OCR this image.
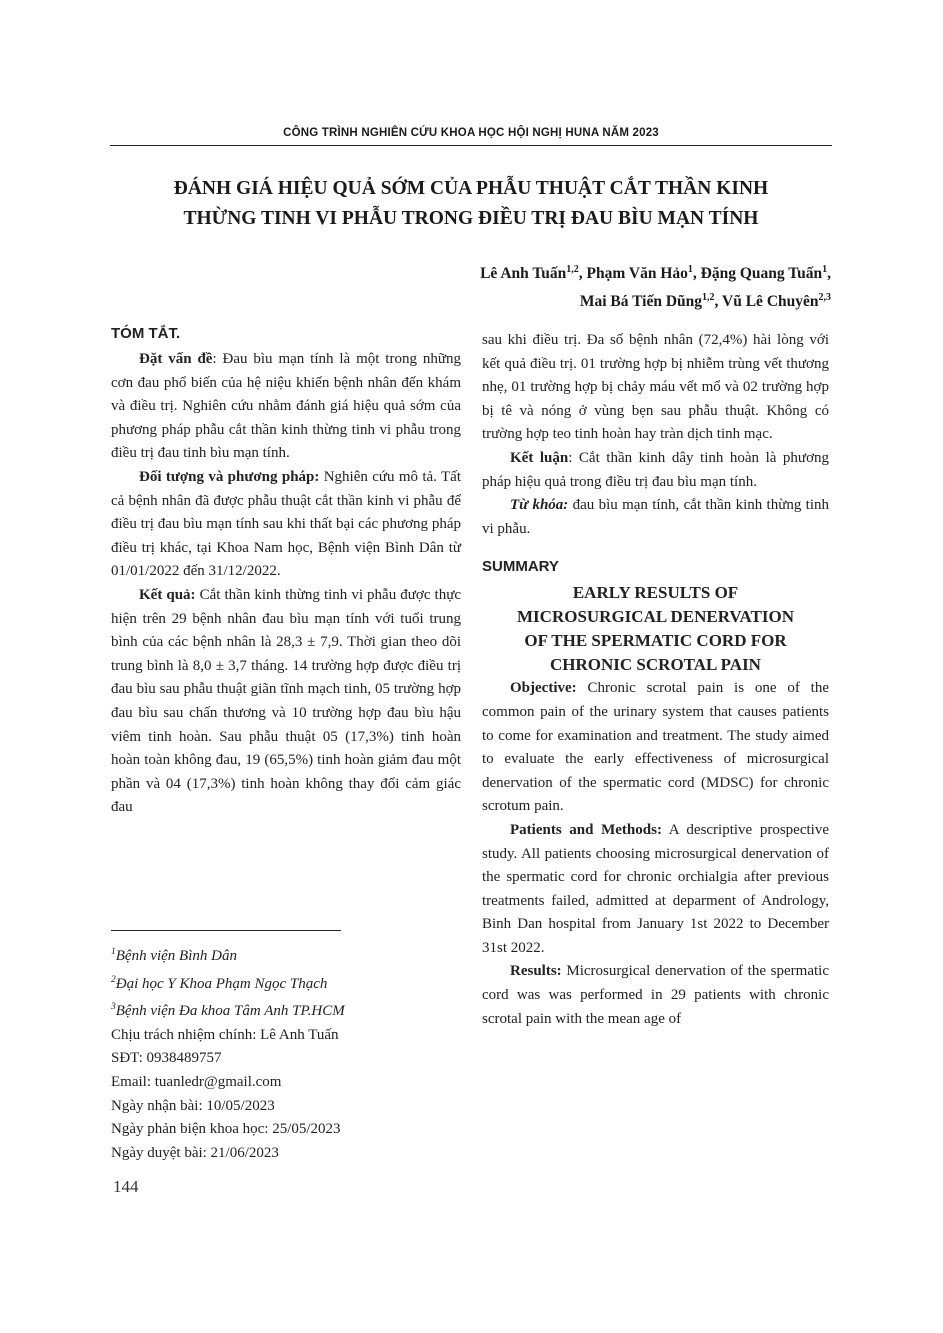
CÔNG TRÌNH NGHIÊN CỨU KHOA HỌC HỘI NGHỊ HUNA NĂM 2023
ĐÁNH GIÁ HIỆU QUẢ SỚM CỦA PHẪU THUẬT CẮT THẦN KINH
THỪNG TINH VI PHẪU TRONG ĐIỀU TRỊ ĐAU BÌU MẠN TÍNH
Lê Anh Tuấn$^{1,2}$, Phạm Văn Hảo$^1$, Đặng Quang Tuấn$^1$,
Mai Bá Tiến Dũng$^{1,2}$, Vũ Lê Chuyên$^{2,3}$
TÓM TẮT.

Đặt vấn đề: Đau bìu mạn tính là một trong những cơn đau phổ biến của hệ niệu khiến bệnh nhân đến khám và điều trị. Nghiên cứu nhằm đánh giá hiệu quả sớm của phương pháp phẫu cắt thần kinh thừng tinh vi phẫu trong điều trị đau tinh bìu mạn tính.

Đối tượng và phương pháp: Nghiên cứu mô tả. Tất cả bệnh nhân đã được phẫu thuật cắt thần kinh vi phẫu để điều trị đau bìu mạn tính sau khi thất bại các phương pháp điều trị khác, tại Khoa Nam học, Bệnh viện Bình Dân từ 01/01/2022 đến 31/12/2022.

Kết quả: Cắt thần kinh thừng tinh vi phẫu được thực hiện trên 29 bệnh nhân đau bìu mạn tính với tuổi trung bình của các bệnh nhân là 28,3 ± 7,9. Thời gian theo dõi trung bình là 8,0 ± 3,7 tháng. 14 trường hợp được điều trị đau bìu sau phẫu thuật giãn tĩnh mạch tinh, 05 trường hợp đau bìu sau chấn thương và 10 trường hợp đau bìu hậu viêm tinh hoàn. Sau phẫu thuật 05 (17,3%) tinh hoàn hoàn toàn không đau, 19 (65,5%) tinh hoàn giảm đau một phần và 04 (17,3%) tinh hoàn không thay đổi cảm giác đau

sau khi điều trị. Đa số bệnh nhân (72,4%) hài lòng với kết quả điều trị. 01 trường hợp bị nhiễm trùng vết thương nhẹ, 01 trường hợp bị chảy máu vết mổ và 02 trường hợp bị tê và nóng ở vùng bẹn sau phẫu thuật. Không có trường hợp teo tinh hoàn hay tràn dịch tinh mạc.

Kết luận: Cắt thần kinh dây tinh hoàn là phương pháp hiệu quả trong điều trị đau bìu mạn tính.

Từ khóa: đau bìu mạn tính, cắt thần kinh thừng tinh vi phẫu.

SUMMARY
EARLY RESULTS OF
MICROSURGICAL DENERVATION
OF THE SPERMATIC CORD FOR
CHRONIC SCROTAL PAIN

Objective: Chronic scrotal pain is one of the common pain of the urinary system that causes patients to come for examination and treatment. The study aimed to evaluate the early effectiveness of microsurgical denervation of the spermatic cord (MDSC) for chronic scrotum pain.

Patients and Methods: A descriptive prospective study. All patients choosing microsurgical denervation of the spermatic cord for chronic orchialgia after previous treatments failed, admitted at deparment of Andrology, Binh Dan hospital from January 1st 2022 to December 31st 2022.

Results: Microsurgical denervation of the spermatic cord was was performed in 29 patients with chronic scrotal pain with the mean age of

$^1$Bệnh viện Bình Dân
$^2$Đại học Y Khoa Phạm Ngọc Thạch
$^3$Bệnh viện Đa khoa Tâm Anh TP.HCM
Chịu trách nhiệm chính: Lê Anh Tuấn
SĐT: 0938489757
Email: tuanledr@gmail.com
Ngày nhận bài: 10/05/2023
Ngày phản biện khoa học: 25/05/2023
Ngày duyệt bài: 21/06/2023
144
